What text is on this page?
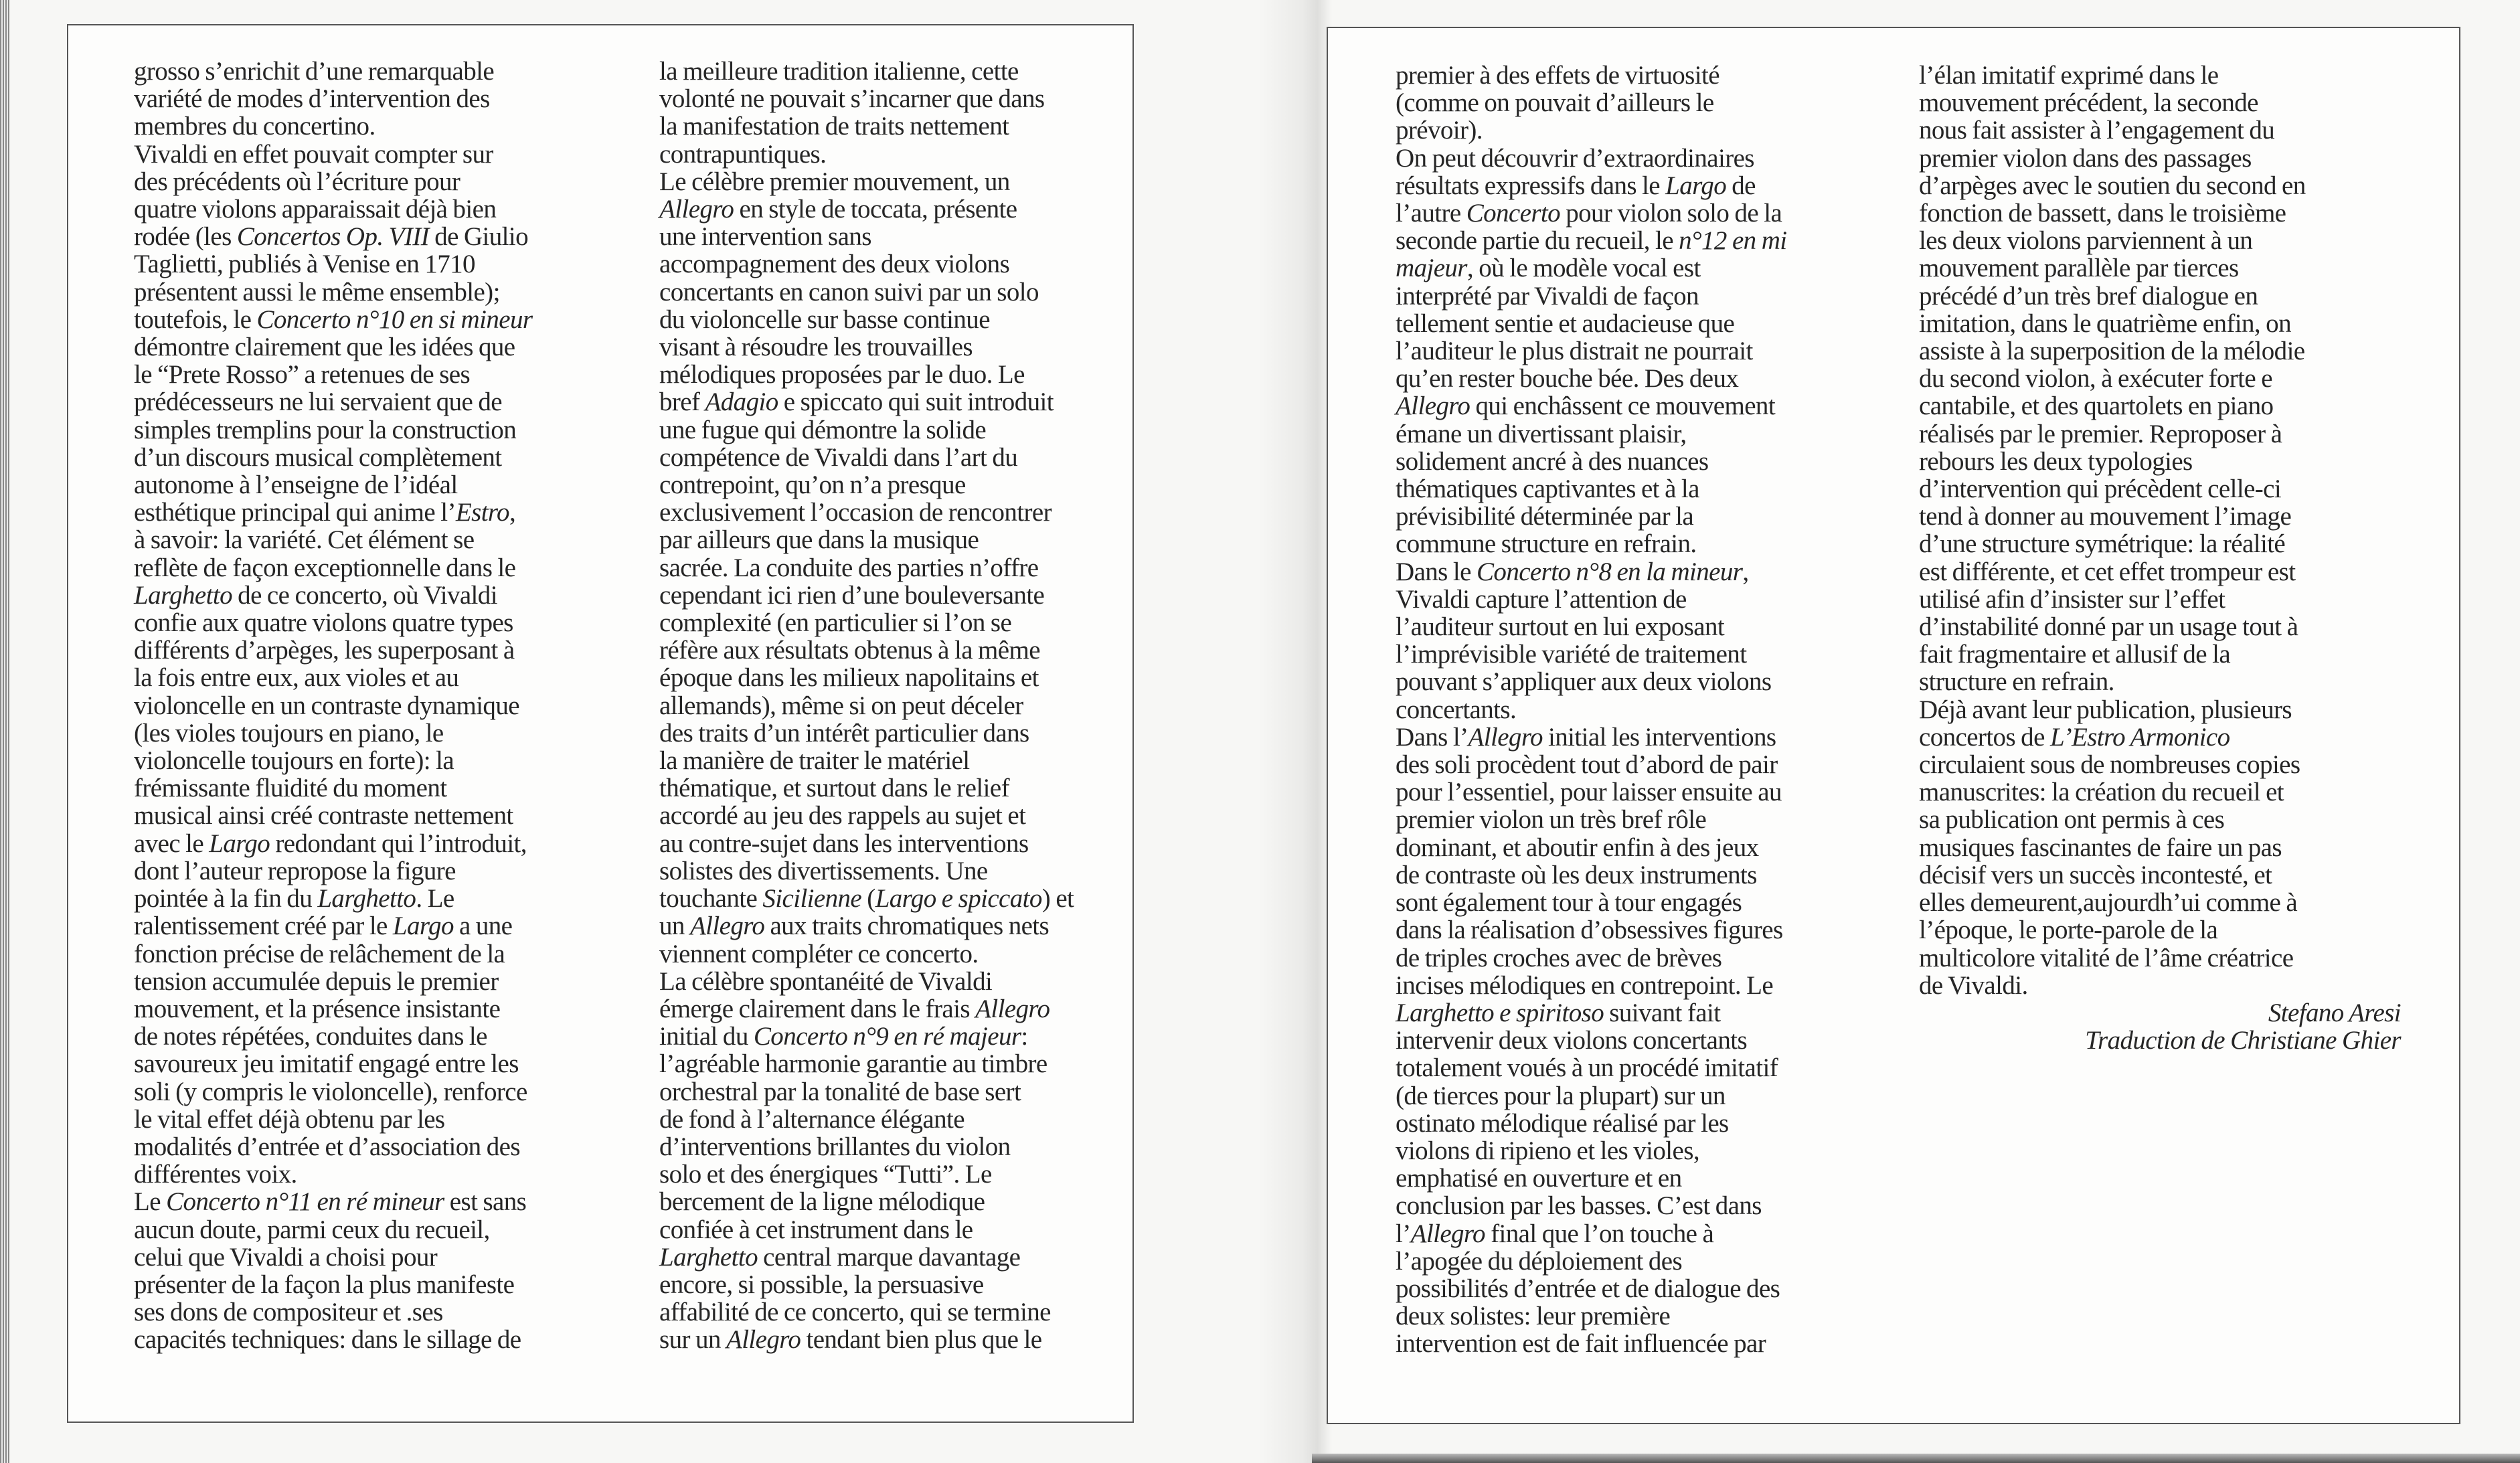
grosso s’enrichit d’une remarquable
variété de modes d’intervention des
membres du concertino.
Vivaldi en effet pouvait compter sur
des précédents où l’écriture pour
quatre violons apparaissait déjà bien
rodée (les Concertos Op. VIII de Giulio
Taglietti, publiés à Venise en 1710
présentent aussi le même ensemble);
toutefois, le Concerto n°10 en si mineur
démontre clairement que les idées que
le “Prete Rosso” a retenues de ses
prédécesseurs ne lui servaient que de
simples tremplins pour la construction
d’un discours musical complètement
autonome à l’enseigne de l’idéal
esthétique principal qui anime l’Estro,
à savoir: la variété. Cet élément se
reflète de façon exceptionnelle dans le
Larghetto de ce concerto, où Vivaldi
confie aux quatre violons quatre types
différents d’arpèges, les superposant à
la fois entre eux, aux violes et au
violoncelle en un contraste dynamique
(les violes toujours en piano, le
violoncelle toujours en forte): la
frémissante fluidité du moment
musical ainsi créé contraste nettement
avec le Largo redondant qui l’introduit,
dont l’auteur repropose la figure
pointée à la fin du Larghetto. Le
ralentissement créé par le Largo a une
fonction précise de relâchement de la
tension accumulée depuis le premier
mouvement, et la présence insistante
de notes répétées, conduites dans le
savoureux jeu imitatif engagé entre les
soli (y compris le violoncelle), renforce
le vital effet déjà obtenu par les
modalités d’entrée et d’association des
différentes voix.
Le Concerto n°11 en ré mineur est sans
aucun doute, parmi ceux du recueil,
celui que Vivaldi a choisi pour
présenter de la façon la plus manifeste
ses dons de compositeur et .ses
capacités techniques: dans le sillage de
la meilleure tradition italienne, cette
volonté ne pouvait s’incarner que dans
la manifestation de traits nettement
contrapuntiques.
Le célèbre premier mouvement, un
Allegro en style de toccata, présente
une intervention sans
accompagnement des deux violons
concertants en canon suivi par un solo
du violoncelle sur basse continue
visant à résoudre les trouvailles
mélodiques proposées par le duo. Le
bref Adagio e spiccato qui suit introduit
une fugue qui démontre la solide
compétence de Vivaldi dans l’art du
contrepoint, qu’on n’a presque
exclusivement l’occasion de rencontrer
par ailleurs que dans la musique
sacrée. La conduite des parties n’offre
cependant ici rien d’une bouleversante
complexité (en particulier si l’on se
réfère aux résultats obtenus à la même
époque dans les milieux napolitains et
allemands), même si on peut déceler
des traits d’un intérêt particulier dans
la manière de traiter le matériel
thématique, et surtout dans le relief
accordé au jeu des rappels au sujet et
au contre-sujet dans les interventions
solistes des divertissements. Une
touchante Sicilienne (Largo e spiccato) et
un Allegro aux traits chromatiques nets
viennent compléter ce concerto.
La célèbre spontanéité de Vivaldi
émerge clairement dans le frais Allegro
initial du Concerto n°9 en ré majeur:
l’agréable harmonie garantie au timbre
orchestral par la tonalité de base sert
de fond à l’alternance élégante
d’interventions brillantes du violon
solo et des énergiques “Tutti”. Le
bercement de la ligne mélodique
confiée à cet instrument dans le
Larghetto central marque davantage
encore, si possible, la persuasive
affabilité de ce concerto, qui se termine
sur un Allegro tendant bien plus que le
premier à des effets de virtuosité
(comme on pouvait d’ailleurs le
prévoir).
On peut découvrir d’extraordinaires
résultats expressifs dans le Largo de
l’autre Concerto pour violon solo de la
seconde partie du recueil, le n°12 en mi
majeur, où le modèle vocal est
interprété par Vivaldi de façon
tellement sentie et audacieuse que
l’auditeur le plus distrait ne pourrait
qu’en rester bouche bée. Des deux
Allegro qui enchâssent ce mouvement
émane un divertissant plaisir,
solidement ancré à des nuances
thématiques captivantes et à la
prévisibilité déterminée par la
commune structure en refrain.
Dans le Concerto n°8 en la mineur,
Vivaldi capture l’attention de
l’auditeur surtout en lui exposant
l’imprévisible variété de traitement
pouvant s’appliquer aux deux violons
concertants.
Dans l’Allegro initial les interventions
des soli procèdent tout d’abord de pair
pour l’essentiel, pour laisser ensuite au
premier violon un très bref rôle
dominant, et aboutir enfin à des jeux
de contraste où les deux instruments
sont également tour à tour engagés
dans la réalisation d’obsessives figures
de triples croches avec de brèves
incises mélodiques en contrepoint. Le
Larghetto e spiritoso suivant fait
intervenir deux violons concertants
totalement voués à un procédé imitatif
(de tierces pour la plupart) sur un
ostinato mélodique réalisé par les
violons di ripieno et les violes,
emphatisé en ouverture et en
conclusion par les basses. C’est dans
l’Allegro final que l’on touche à
l’apogée du déploiement des
possibilités d’entrée et de dialogue des
deux solistes: leur première
intervention est de fait influencée par
l’élan imitatif exprimé dans le
mouvement précédent, la seconde
nous fait assister à l’engagement du
premier violon dans des passages
d’arpèges avec le soutien du second en
fonction de bassett, dans le troisième
les deux violons parviennent à un
mouvement parallèle par tierces
précédé d’un très bref dialogue en
imitation, dans le quatrième enfin, on
assiste à la superposition de la mélodie
du second violon, à exécuter forte e
cantabile, et des quartolets en piano
réalisés par le premier. Reproposer à
rebours les deux typologies
d’intervention qui précèdent celle-ci
tend à donner au mouvement l’image
d’une structure symétrique: la réalité
est différente, et cet effet trompeur est
utilisé afin d’insister sur l’effet
d’instabilité donné par un usage tout à
fait fragmentaire et allusif de la
structure en refrain.
Déjà avant leur publication, plusieurs
concertos de L’Estro Armonico
circulaient sous de nombreuses copies
manuscrites: la création du recueil et
sa publication ont permis à ces
musiques fascinantes de faire un pas
décisif vers un succès incontesté, et
elles demeurent,aujourdh’ui comme à
l’époque, le porte-parole de la
multicolore vitalité de l’âme créatrice
de Vivaldi.
Stefano Aresi
Traduction de Christiane Ghier
